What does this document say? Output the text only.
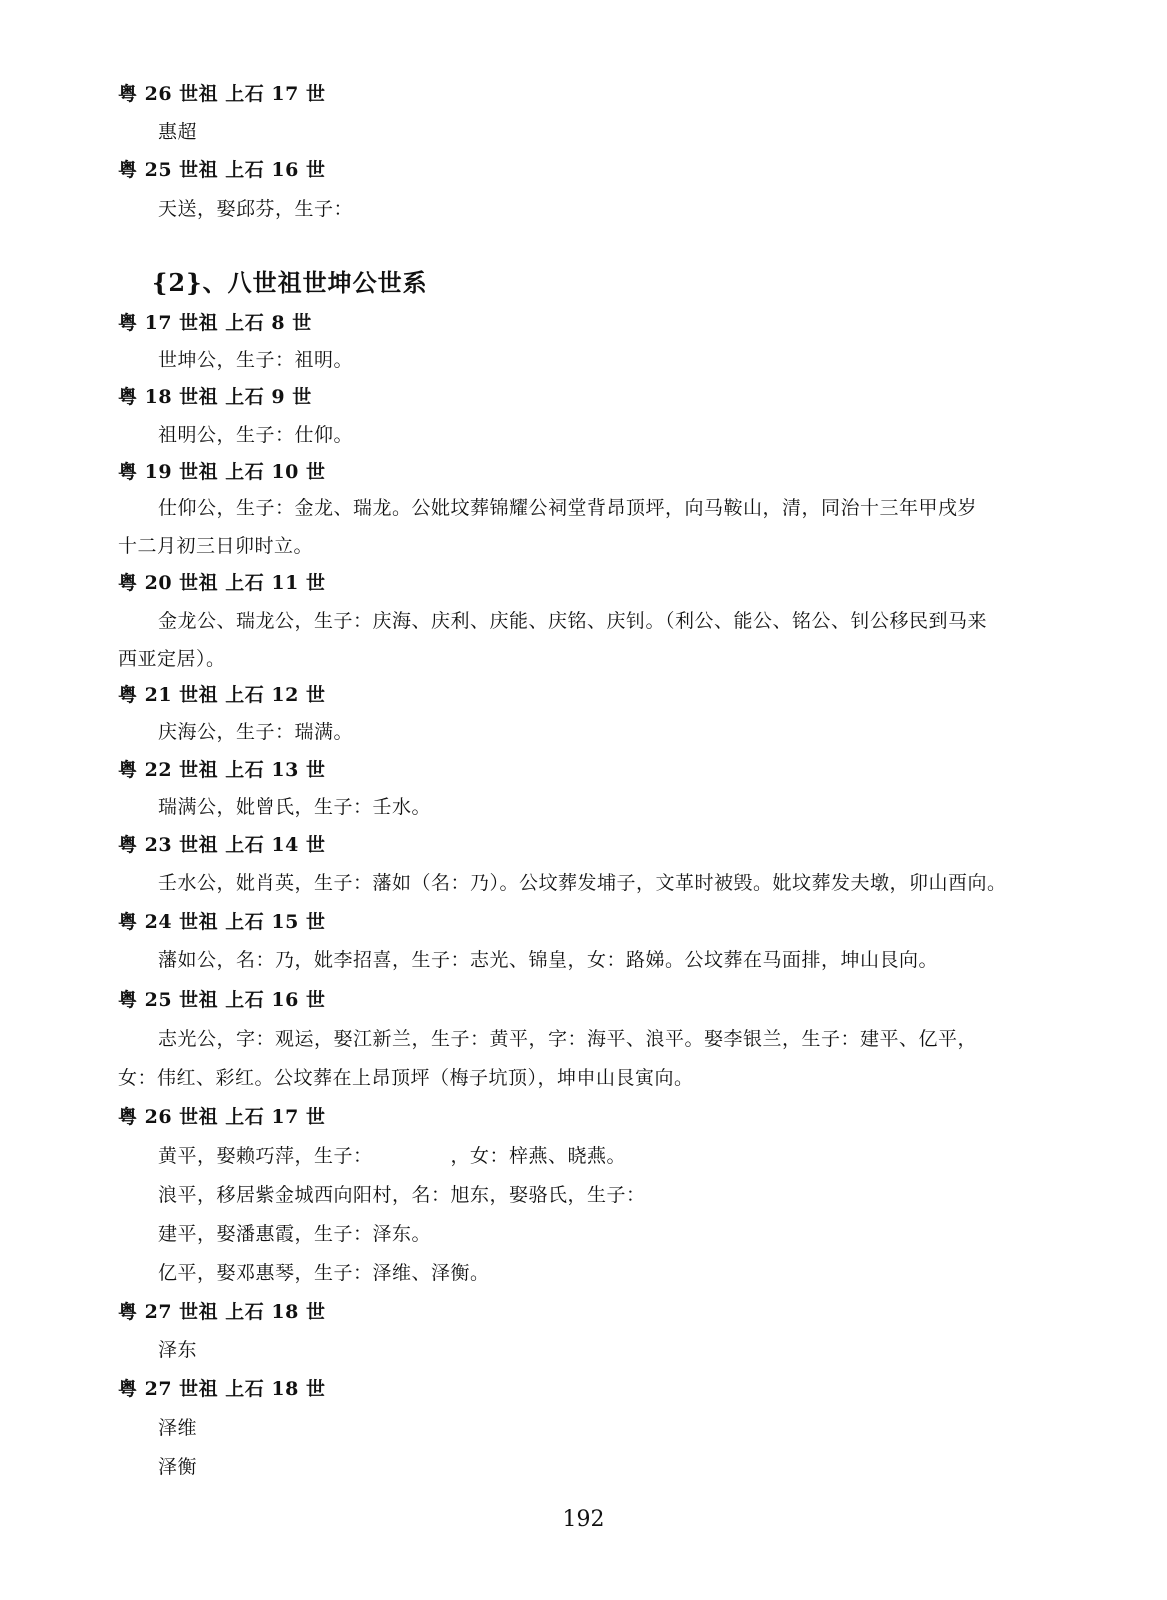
粤 26 世祖 上石 17 世
惠超
粤 25 世祖 上石 16 世
天送，娶邱芬，生子：
{2}、八世祖世坤公世系
粤 17 世祖 上石 8 世
世坤公，生子：祖明。
粤 18 世祖 上石 9 世
祖明公，生子：仕仰。
粤 19 世祖 上石 10 世
仕仰公，生子：金龙、瑞龙。公妣坟葬锦耀公祠堂背昂顶坪，向马鞍山，清，同治十三年甲戌岁
十二月初三日卯时立。
粤 20 世祖 上石 11 世
金龙公、瑞龙公，生子：庆海、庆利、庆能、庆铭、庆钊。（利公、能公、铭公、钊公移民到马来
西亚定居）。
粤 21 世祖 上石 12 世
庆海公，生子：瑞满。
粤 22 世祖 上石 13 世
瑞满公，妣曾氏，生子：壬水。
粤 23 世祖 上石 14 世
壬水公，妣肖英，生子：藩如（名：乃）。公坟葬发埔子，文革时被毁。妣坟葬发夫墩，卯山酉向。
粤 24 世祖 上石 15 世
藩如公，名：乃，妣李招喜，生子：志光、锦皇，女：路娣。公坟葬在马面排，坤山艮向。
粤 25 世祖 上石 16 世
志光公，字：观运，娶江新兰，生子：黄平，字：海平、浪平。娶李银兰，生子：建平、亿平，
女：伟红、彩红。公坟葬在上昂顶坪（梅子坑顶），坤申山艮寅向。
粤 26 世祖 上石 17 世
黄平，娶赖巧萍，生子：	，女：梓燕、晓燕。
浪平，移居紫金城西向阳村，名：旭东，娶骆氏，生子：
建平，娶潘惠霞，生子：泽东。
亿平，娶邓惠琴，生子：泽维、泽衡。
粤 27 世祖 上石 18 世
泽东
粤 27 世祖 上石 18 世
泽维
泽衡
192
